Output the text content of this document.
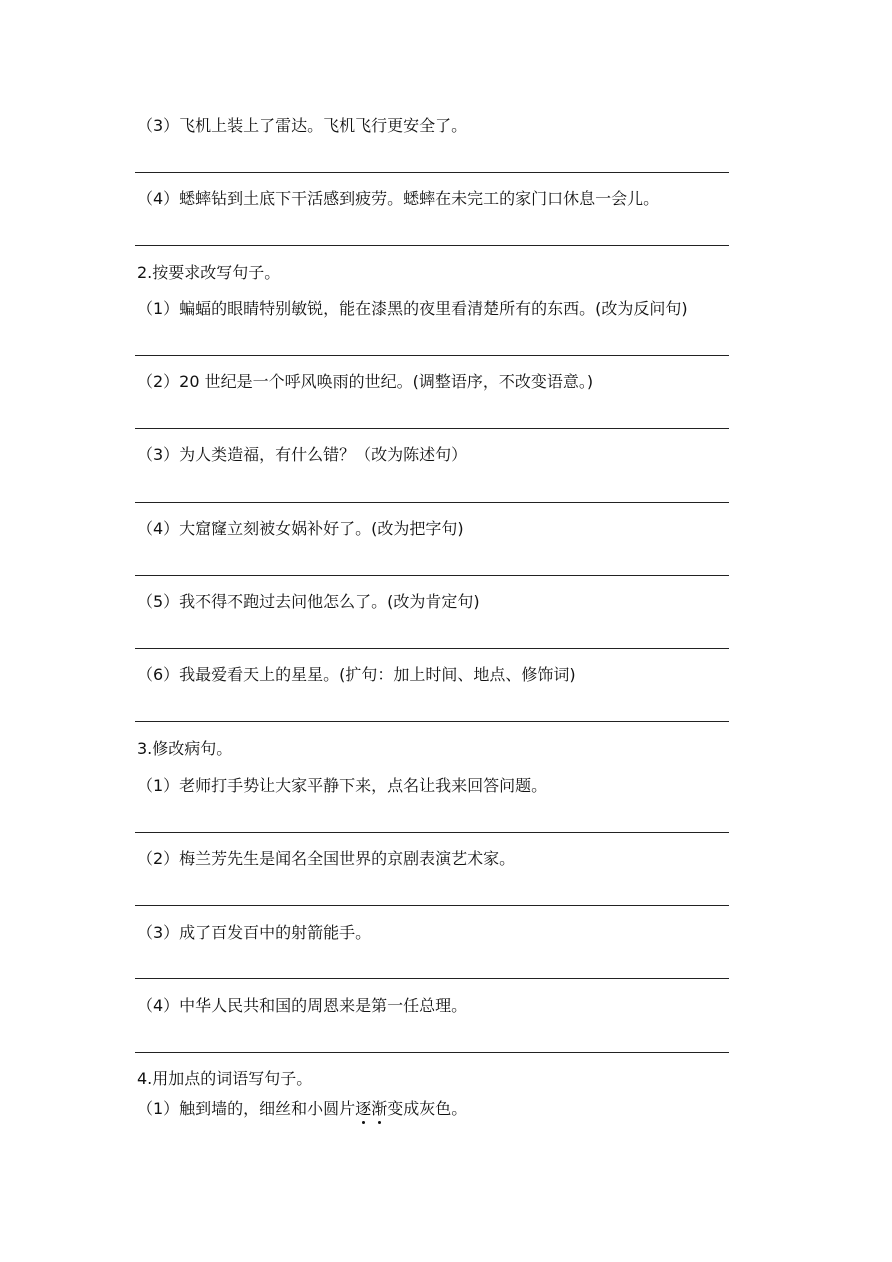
（3）飞机上装上了雷达。飞机飞行更安全了。
（4）蟋蟀钻到土底下干活感到疲劳。蟋蟀在未完工的家门口休息一会儿。
2.按要求改写句子。
（1）蝙蝠的眼睛特别敏锐，能在漆黑的夜里看清楚所有的东西。(改为反问句)
（2）20 世纪是一个呼风唤雨的世纪。(调整语序，不改变语意。)
（3）为人类造福，有什么错？（改为陈述句）
（4）大窟窿立刻被女娲补好了。(改为把字句)
（5）我不得不跑过去问他怎么了。(改为肯定句)
（6）我最爱看天上的星星。(扩句：加上时间、地点、修饰词)
3.修改病句。
（1）老师打手势让大家平静下来，点名让我来回答问题。
（2）梅兰芳先生是闻名全国世界的京剧表演艺术家。
（3）成了百发百中的射箭能手。
（4）中华人民共和国的周恩来是第一任总理。
4.用加点的词语写句子。
（1）触到墙的，细丝和小圆片逐渐变成灰色。
